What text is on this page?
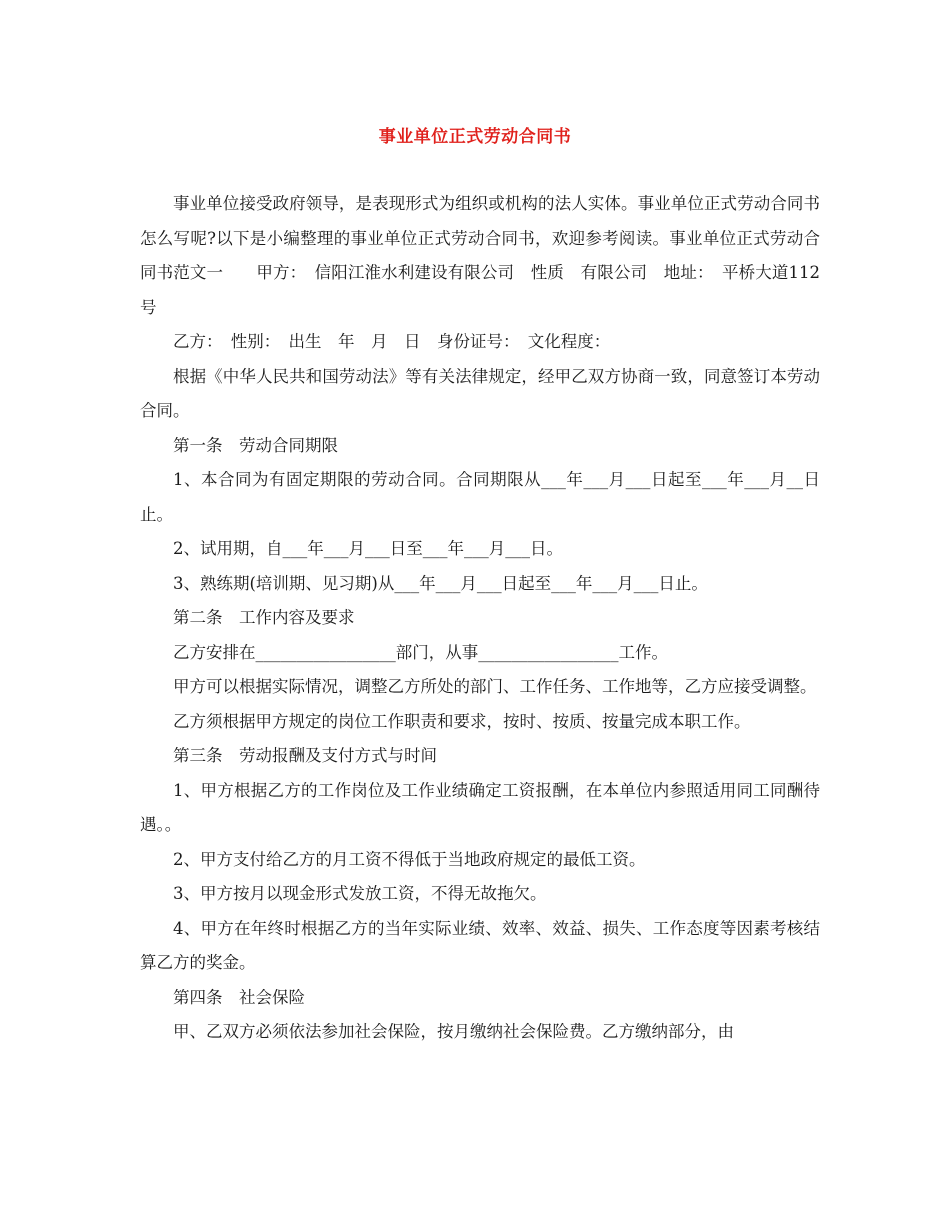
事业单位正式劳动合同书

事业单位接受政府领导，是表现形式为组织或机构的法人实体。事业单位正式劳动合同书怎么写呢?以下是小编整理的事业单位正式劳动合同书，欢迎参考阅读。事业单位正式劳动合同书范文一　　甲方：　信阳江淮水利建设有限公司　性质　有限公司　地址：　平桥大道112号

乙方：　性别：　出生　年　月　日　身份证号：　文化程度：

根据《中华人民共和国劳动法》等有关法律规定，经甲乙双方协商一致，同意签订本劳动合同。

第一条　劳动合同期限

1、本合同为有固定期限的劳动合同。合同期限从___年___月___日起至___年___月__日止。

2、试用期，自___年___月___日至___年___月___日。

3、熟练期(培训期、见习期)从___年___月___日起至___年___月___日止。

第二条　工作内容及要求

乙方安排在_________________部门，从事_________________工作。

甲方可以根据实际情况，调整乙方所处的部门、工作任务、工作地等，乙方应接受调整。

乙方须根据甲方规定的岗位工作职责和要求，按时、按质、按量完成本职工作。

第三条　劳动报酬及支付方式与时间

1、甲方根据乙方的工作岗位及工作业绩确定工资报酬，在本单位内参照适用同工同酬待遇。。

2、甲方支付给乙方的月工资不得低于当地政府规定的最低工资。

3、甲方按月以现金形式发放工资，不得无故拖欠。

4、甲方在年终时根据乙方的当年实际业绩、效率、效益、损失、工作态度等因素考核结算乙方的奖金。

第四条　社会保险

甲、乙双方必须依法参加社会保险，按月缴纳社会保险费。乙方缴纳部分，由
